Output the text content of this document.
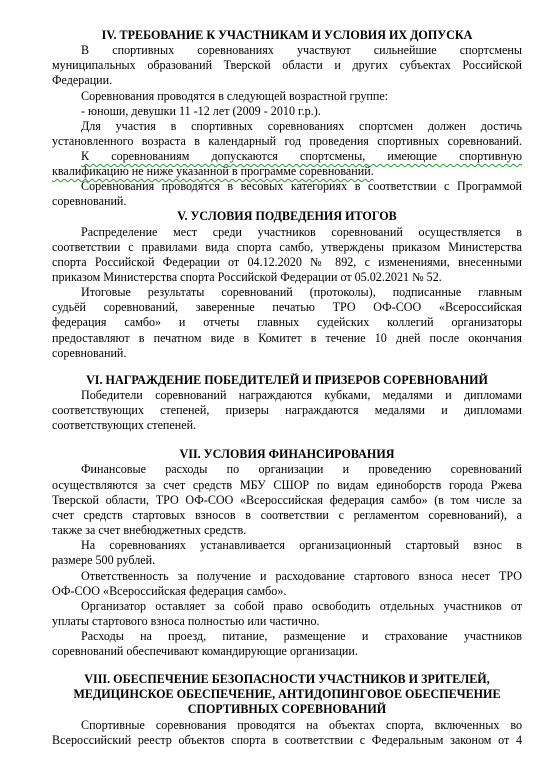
IV. ТРЕБОВАНИЕ К УЧАСТНИКАМ И УСЛОВИЯ ИХ ДОПУСКА
В спортивных соревнованиях участвуют сильнейшие спортсмены
муниципальных образований Тверской области и других субъектах Российской
Федерации.
Соревнования проводятся в следующей возрастной группе:
- юноши, девушки 11 -12 лет (2009 - 2010 г.р.).
Для участия в спортивных соревнованиях спортсмен должен достичь
установленного возраста в календарный год проведения спортивных соревнований.
К соревнованиям допускаются спортсмены, имеющие спортивную
квалификацию не ниже указанной в программе соревнований.
Соревнования проводятся в весовых категориях в соответствии с Программой
соревнований.
V. УСЛОВИЯ ПОДВЕДЕНИЯ ИТОГОВ
Распределение мест среди участников соревнований осуществляется в
соответствии с правилами вида спорта самбо, утверждены приказом Министерства
спорта Российской Федерации от 04.12.2020 № 892, с изменениями, внесенными
приказом Министерства спорта Российской Федерации от 05.02.2021 № 52.
Итоговые результаты соревнований (протоколы), подписанные главным
судьёй соревнований, заверенные печатью ТРО ОФ-СОО «Всероссийская
федерация самбо» и отчеты главных судейских коллегий организаторы
предоставляют в печатном виде в Комитет в течение 10 дней после окончания
соревнований.
VI. НАГРАЖДЕНИЕ ПОБЕДИТЕЛЕЙ И ПРИЗЕРОВ СОРЕВНОВАНИЙ
Победители соревнований награждаются кубками, медалями и дипломами
соответствующих степеней, призеры награждаются медалями и дипломами
соответствующих степеней.
VII. УСЛОВИЯ ФИНАНСИРОВАНИЯ
Финансовые расходы по организации и проведению соревнований
осуществляются за счет средств МБУ СШОР по видам единоборств города Ржева
Тверской области, ТРО ОФ-СОО «Всероссийская федерация самбо» (в том числе за
счет средств стартовых взносов в соответствии с регламентом соревнований), а
также за счет внебюджетных средств.
На соревнованиях устанавливается организационный стартовый взнос в
размере 500 рублей.
Ответственность за получение и расходование стартового взноса несет ТРО
ОФ-СОО «Всероссийская федерация самбо».
Организатор оставляет за собой право освободить отдельных участников от
уплаты стартового взноса полностью или частично.
Расходы на проезд, питание, размещение и страхование участников
соревнований обеспечивают командирующие организации.
VIII. ОБЕСПЕЧЕНИЕ БЕЗОПАСНОСТИ УЧАСТНИКОВ И ЗРИТЕЛЕЙ,
МЕДИЦИНСКОЕ ОБЕСПЕЧЕНИЕ, АНТИДОПИНГОВОЕ ОБЕСПЕЧЕНИЕ
СПОРТИВНЫХ СОРЕВНОВАНИЙ
Спортивные соревнования проводятся на объектах спорта, включенных во
Всероссийский реестр объектов спорта в соответствии с Федеральным законом от 4
